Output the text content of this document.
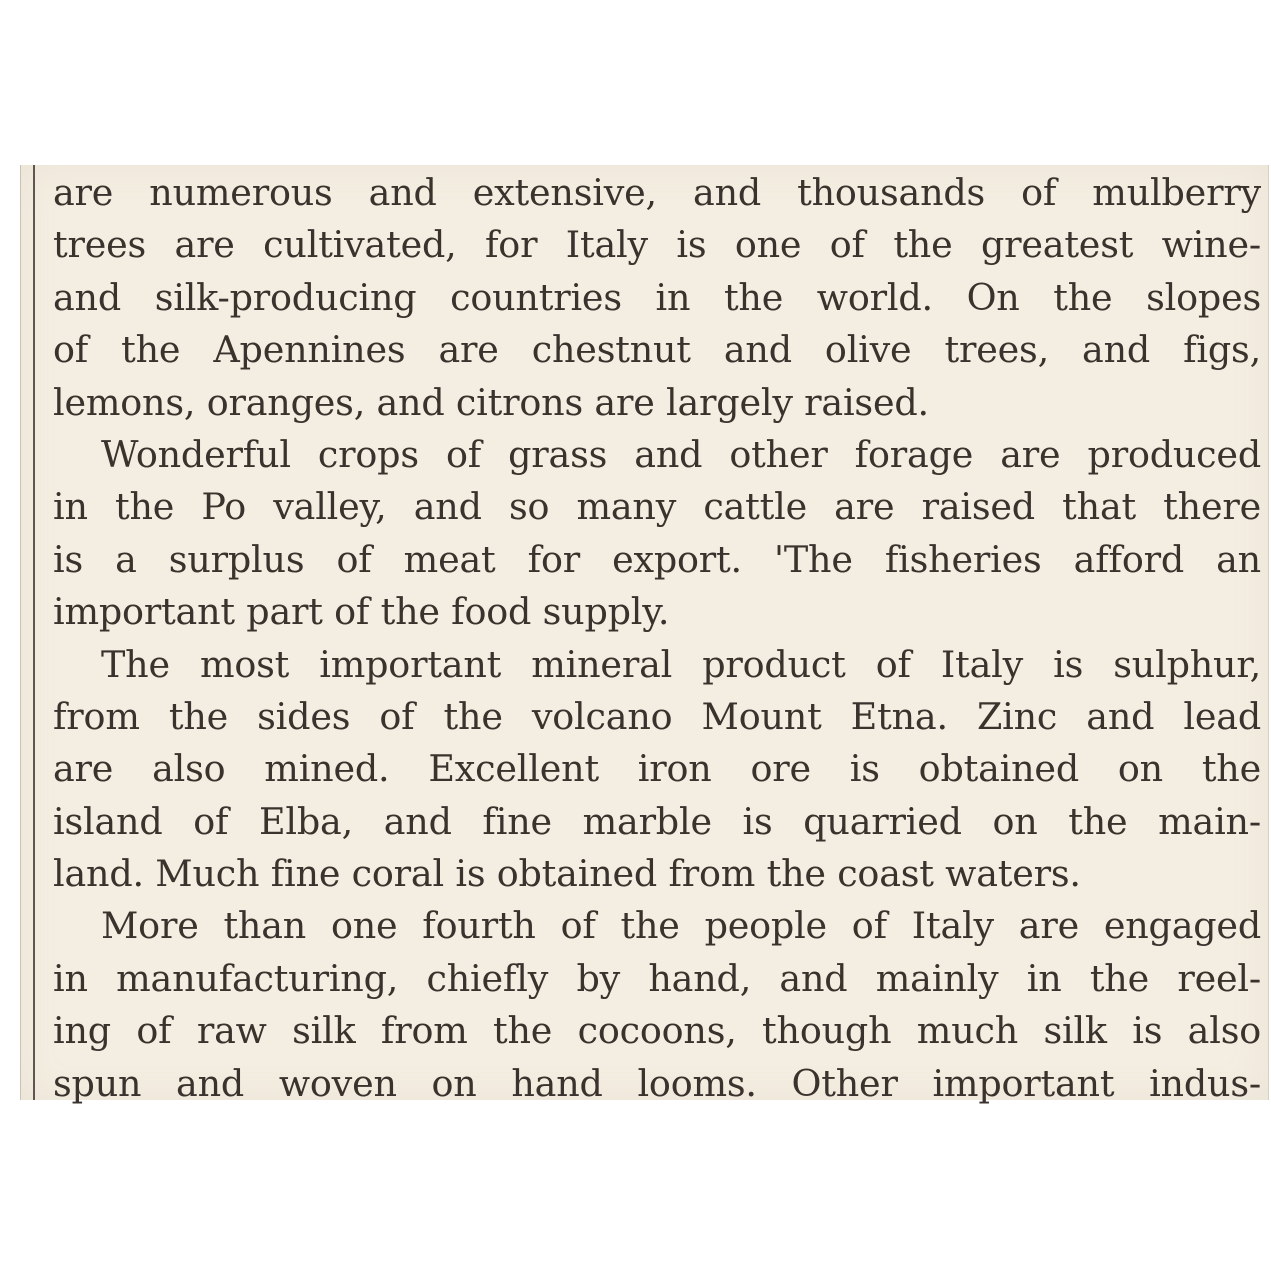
are numerous and extensive, and thousands of mulberry
trees are cultivated, for Italy is one of the greatest wine-
and silk-producing countries in the world. On the slopes
of the Apennines are chestnut and olive trees, and figs,
lemons, oranges, and citrons are largely raised.
Wonderful crops of grass and other forage are produced
in the Po valley, and so many cattle are raised that there
is a surplus of meat for export. 'The fisheries afford an
important part of the food supply.
The most important mineral product of Italy is sulphur,
from the sides of the volcano Mount Etna. Zinc and lead
are also mined. Excellent iron ore is obtained on the
island of Elba, and fine marble is quarried on the main-
land. Much fine coral is obtained from the coast waters.
More than one fourth of the people of Italy are engaged
in manufacturing, chiefly by hand, and mainly in the reel-
ing of raw silk from the cocoons, though much silk is also
spun and woven on hand looms. Other important indus-
